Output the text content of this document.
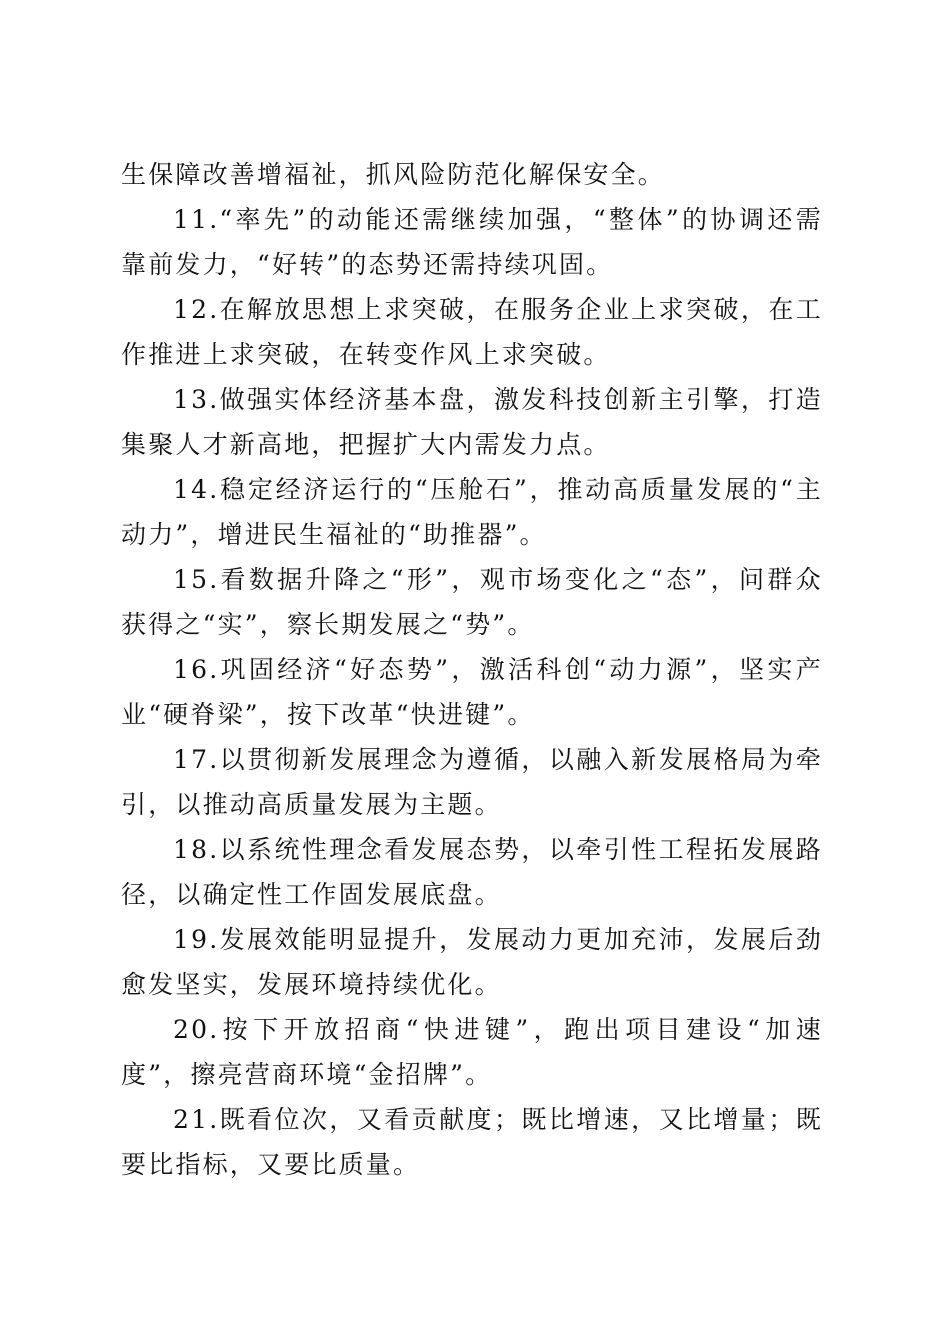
生保障改善增福祉，抓风险防范化解保安全。

11.“率先”的动能还需继续加强，“整体”的协调还需靠前发力，“好转”的态势还需持续巩固。

12.在解放思想上求突破，在服务企业上求突破，在工作推进上求突破，在转变作风上求突破。

13.做强实体经济基本盘，激发科技创新主引擎，打造集聚人才新高地，把握扩大内需发力点。

14.稳定经济运行的“压舱石”，推动高质量发展的“主动力”，增进民生福祉的“助推器”。

15.看数据升降之“形”，观市场变化之“态”，问群众获得之“实”，察长期发展之“势”。

16.巩固经济“好态势”，激活科创“动力源”，坚实产业“硬脊梁”，按下改革“快进键”。

17.以贯彻新发展理念为遵循，以融入新发展格局为牵引，以推动高质量发展为主题。

18.以系统性理念看发展态势，以牵引性工程拓发展路径，以确定性工作固发展底盘。

19.发展效能明显提升，发展动力更加充沛，发展后劲愈发坚实，发展环境持续优化。

20.按下开放招商“快进键”，跑出项目建设“加速度”，擦亮营商环境“金招牌”。

21.既看位次，又看贡献度；既比增速，又比增量；既要比指标，又要比质量。
